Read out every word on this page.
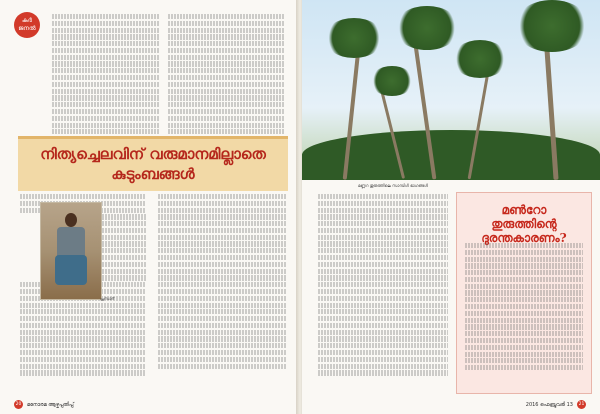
കർ
ജനൽ
നിത്യച്ചെലവിന് വരുമാനമില്ലാതെ
കുടുംബങ്ങൾ
പ്രസാദ്
20	മനോരമ ആഴ്ചപ്പതിപ്പ്
മണ്ണറ തുരുത്തിലെ സാമ്പിൾ ഭാഗങ്ങൾ
മൺറോ
തുരുത്തിന്റെ
ദുരന്തകാരണം?
2016 ഫെബ്രുവരി 13	21
